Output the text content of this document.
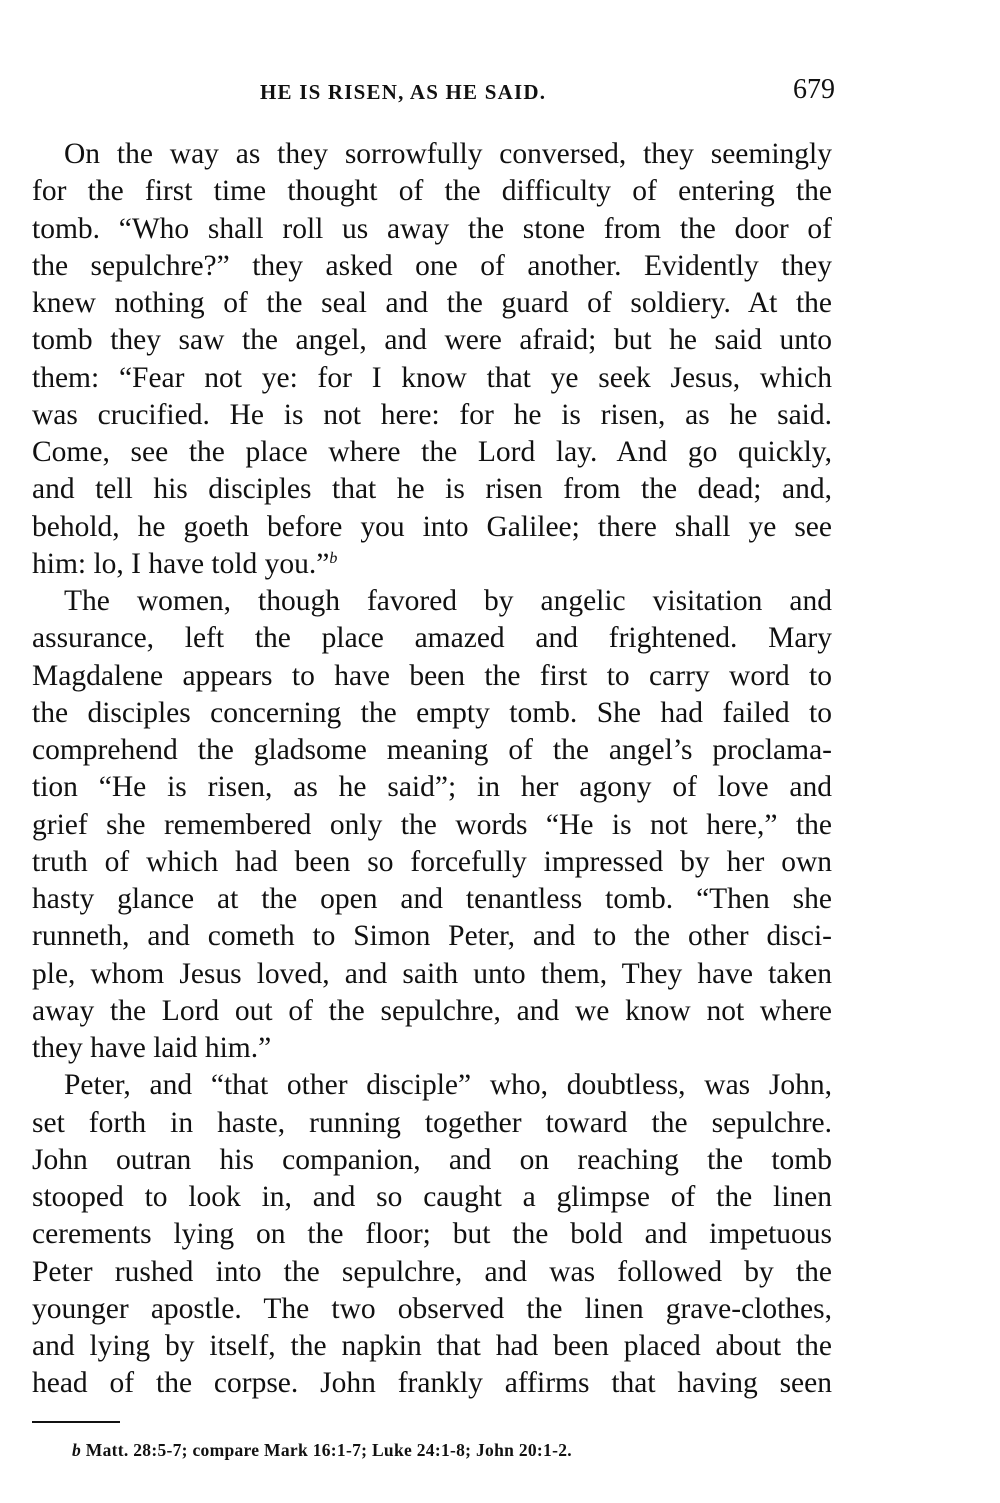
HE IS RISEN, AS HE SAID.	679
On the way as they sorrowfully conversed, they seemingly
for the first time thought of the difficulty of entering the
tomb. “Who shall roll us away the stone from the door of
the sepulchre?” they asked one of another. Evidently they
knew nothing of the seal and the guard of soldiery. At the
tomb they saw the angel, and were afraid; but he said unto
them: “Fear not ye: for I know that ye seek Jesus, which
was crucified. He is not here: for he is risen, as he said.
Come, see the place where the Lord lay. And go quickly,
and tell his disciples that he is risen from the dead; and,
behold, he goeth before you into Galilee; there shall ye see
him: lo, I have told you.”$^b$
The women, though favored by angelic visitation and
assurance, left the place amazed and frightened. Mary
Magdalene appears to have been the first to carry word to
the disciples concerning the empty tomb. She had failed to
comprehend the gladsome meaning of the angel’s proclama-
tion “He is risen, as he said”; in her agony of love and
grief she remembered only the words “He is not here,” the
truth of which had been so forcefully impressed by her own
hasty glance at the open and tenantless tomb. “Then she
runneth, and cometh to Simon Peter, and to the other disci-
ple, whom Jesus loved, and saith unto them, They have taken
away the Lord out of the sepulchre, and we know not where
they have laid him.”
Peter, and “that other disciple” who, doubtless, was John,
set forth in haste, running together toward the sepulchre.
John outran his companion, and on reaching the tomb
stooped to look in, and so caught a glimpse of the linen
cerements lying on the floor; but the bold and impetuous
Peter rushed into the sepulchre, and was followed by the
younger apostle. The two observed the linen grave-clothes,
and lying by itself, the napkin that had been placed about the
head of the corpse. John frankly affirms that having seen
b Matt. 28:5-7; compare Mark 16:1-7; Luke 24:1-8; John 20:1-2.
